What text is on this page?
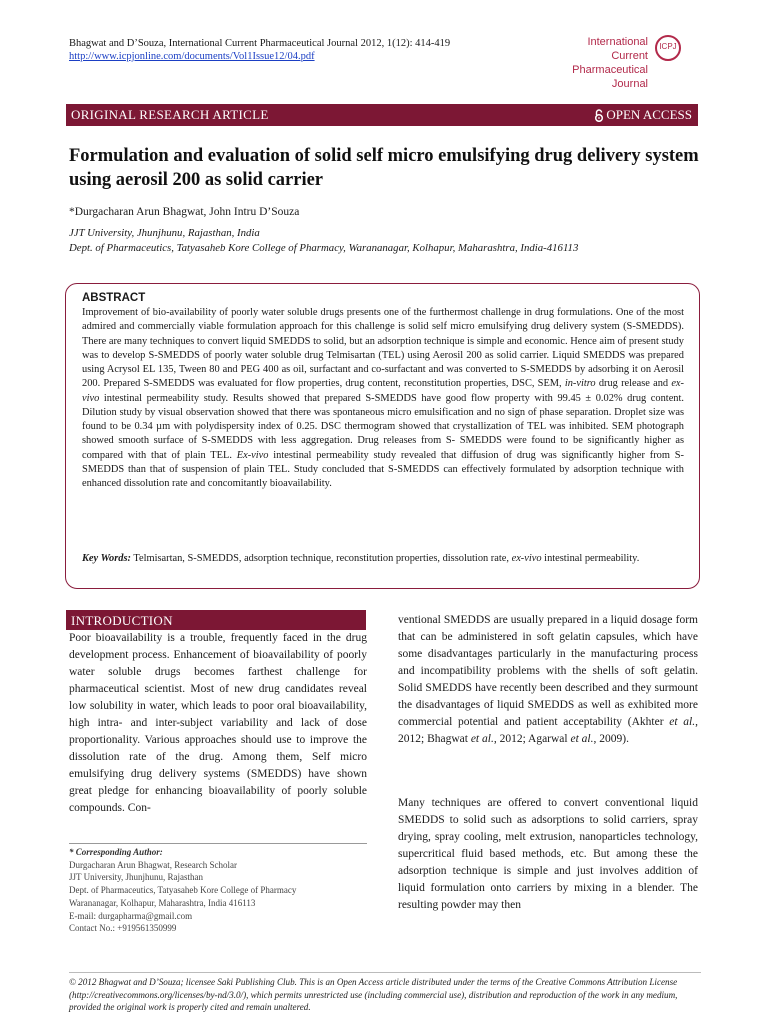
Bhagwat and D’Souza, International Current Pharmaceutical Journal 2012, 1(12): 414-419
http://www.icpjonline.com/documents/Vol1Issue12/04.pdf
International Current
Pharmaceutical Journal
ICPJ
ORIGINAL RESEARCH ARTICLE	OPEN ACCESS
Formulation and evaluation of solid self micro emulsifying drug delivery system using aerosil 200 as solid carrier
*Durgacharan Arun Bhagwat, John Intru D’Souza
JJT University, Jhunjhunu, Rajasthan, India
Dept. of Pharmaceutics, Tatyasaheb Kore College of Pharmacy, Warananagar, Kolhapur, Maharashtra, India-416113
ABSTRACT
Improvement of bio-availability of poorly water soluble drugs presents one of the furthermost challenge in drug formulations. One of the most admired and commercially viable formulation approach for this challenge is solid self micro emulsifying drug delivery system (S-SMEDDS). There are many techniques to convert liquid SMEDDS to solid, but an adsorption technique is simple and economic. Hence aim of present study was to develop S-SMEDDS of poorly water soluble drug Telmisartan (TEL) using Aerosil 200 as solid carrier. Liquid SMEDDS was prepared using Acrysol EL 135, Tween 80 and PEG 400 as oil, surfactant and co-surfactant and was converted to S-SMEDDS by adsorbing it on Aerosil 200. Prepared S-SMEDDS was evaluated for flow properties, drug content, reconstitution properties, DSC, SEM, in-vitro drug release and ex-vivo intestinal permeability study. Results showed that prepared S-SMEDDS have good flow property with 99.45 ± 0.02% drug content. Dilution study by visual observation showed that there was spontaneous micro emulsification and no sign of phase separation. Droplet size was found to be 0.34 µm with polydispersity index of 0.25. DSC thermogram showed that crystallization of TEL was inhibited. SEM photograph showed smooth surface of S-SMEDDS with less aggregation. Drug releases from S- SMEDDS were found to be significantly higher as compared with that of plain TEL. Ex-vivo intestinal permeability study revealed that diffusion of drug was significantly higher from S-SMEDDS than that of suspension of plain TEL. Study concluded that S-SMEDDS can effectively formulated by adsorption technique with enhanced dissolution rate and concomitantly bioavailability.
Key Words: Telmisartan, S-SMEDDS, adsorption technique, reconstitution properties, dissolution rate, ex-vivo intestinal permeability.
INTRODUCTION
Poor bioavailability is a trouble, frequently faced in the drug development process. Enhancement of bioavailability of poorly water soluble drugs becomes farthest challenge for pharmaceutical scientist. Most of new drug candidates reveal low solubility in water, which leads to poor oral bioavailability, high intra- and inter-subject variability and lack of dose proportionality. Various approaches should use to improve the dissolution rate of the drug. Among them, Self micro emulsifying drug delivery systems (SMEDDS) have shown great pledge for enhancing bioavailability of poorly soluble compounds. Con-
ventional SMEDDS are usually prepared in a liquid dosage form that can be administered in soft gelatin capsules, which have some disadvantages particularly in the manufacturing process and incompatibility problems with the shells of soft gelatin. Solid SMEDDS have recently been described and they surmount the disadvantages of liquid SMEDDS as well as exhibited more commercial potential and patient acceptability (Akhter et al., 2012; Bhagwat et al., 2012; Agarwal et al., 2009).
Many techniques are offered to convert conventional liquid SMEDDS to solid such as adsorptions to solid carriers, spray drying, spray cooling, melt extrusion, nanoparticles technology, supercritical fluid based methods, etc. But among these the adsorption technique is simple and just involves addition of liquid formulation onto carriers by mixing in a blender. The resulting powder may then
* Corresponding Author:
Durgacharan Arun Bhagwat, Research Scholar
JJT University, Jhunjhunu, Rajasthan
Dept. of Pharmaceutics, Tatyasaheb Kore College of Pharmacy
Warananagar, Kolhapur, Maharashtra, India 416113
E-mail: durgapharma@gmail.com
Contact No.: +919561350999
© 2012 Bhagwat and D’Souza; licensee Saki Publishing Club. This is an Open Access article distributed under the terms of the Creative Commons Attribution License (http://creativecommons.org/licenses/by-nd/3.0/), which permits unrestricted use (including commercial use), distribution and reproduction of the work in any medium, provided the original work is properly cited and remain unaltered.
